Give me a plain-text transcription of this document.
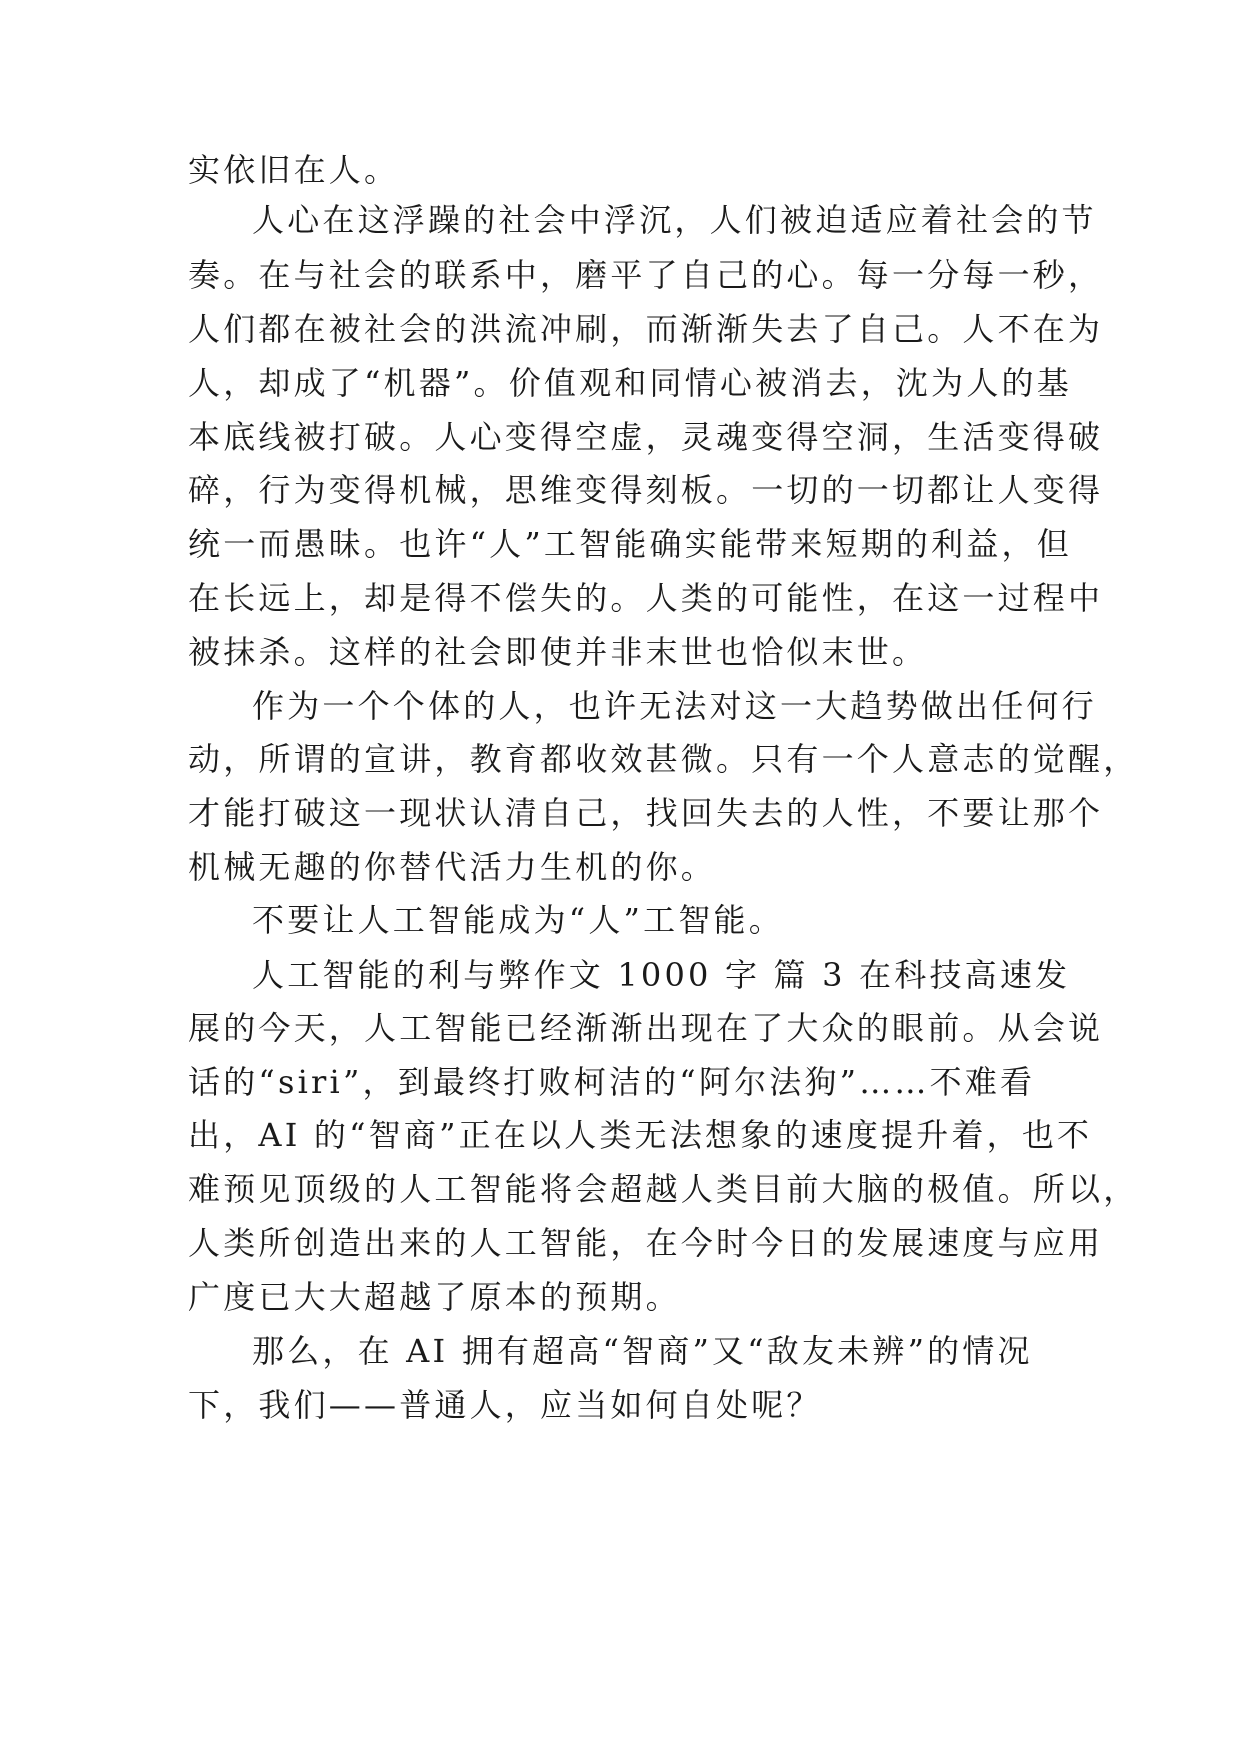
实依旧在人。

人心在这浮躁的社会中浮沉，人们被迫适应着社会的节

奏。在与社会的联系中，磨平了自己的心。每一分每一秒，

人们都在被社会的洪流冲刷，而渐渐失去了自己。人不在为

人，却成了“机器”。价值观和同情心被消去，沈为人的基

本底线被打破。人心变得空虚，灵魂变得空洞，生活变得破

碎，行为变得机械，思维变得刻板。一切的一切都让人变得

统一而愚昧。也许“人”工智能确实能带来短期的利益，但

在长远上，却是得不偿失的。人类的可能性，在这一过程中

被抹杀。这样的社会即使并非末世也恰似末世。

作为一个个体的人，也许无法对这一大趋势做出任何行

动，所谓的宣讲，教育都收效甚微。只有一个人意志的觉醒，

才能打破这一现状认清自己，找回失去的人性，不要让那个

机械无趣的你替代活力生机的你。

不要让人工智能成为“人”工智能。

人工智能的利与弊作文 1000 字 篇 3 在科技高速发

展的今天，人工智能已经渐渐出现在了大众的眼前。从会说

话的“siri”，到最终打败柯洁的“阿尔法狗”……不难看

出，AI 的“智商”正在以人类无法想象的速度提升着，也不

难预见顶级的人工智能将会超越人类目前大脑的极值。所以，

人类所创造出来的人工智能，在今时今日的发展速度与应用

广度已大大超越了原本的预期。

那么，在 AI 拥有超高“智商”又“敌友未辨”的情况

下，我们——普通人，应当如何自处呢？
